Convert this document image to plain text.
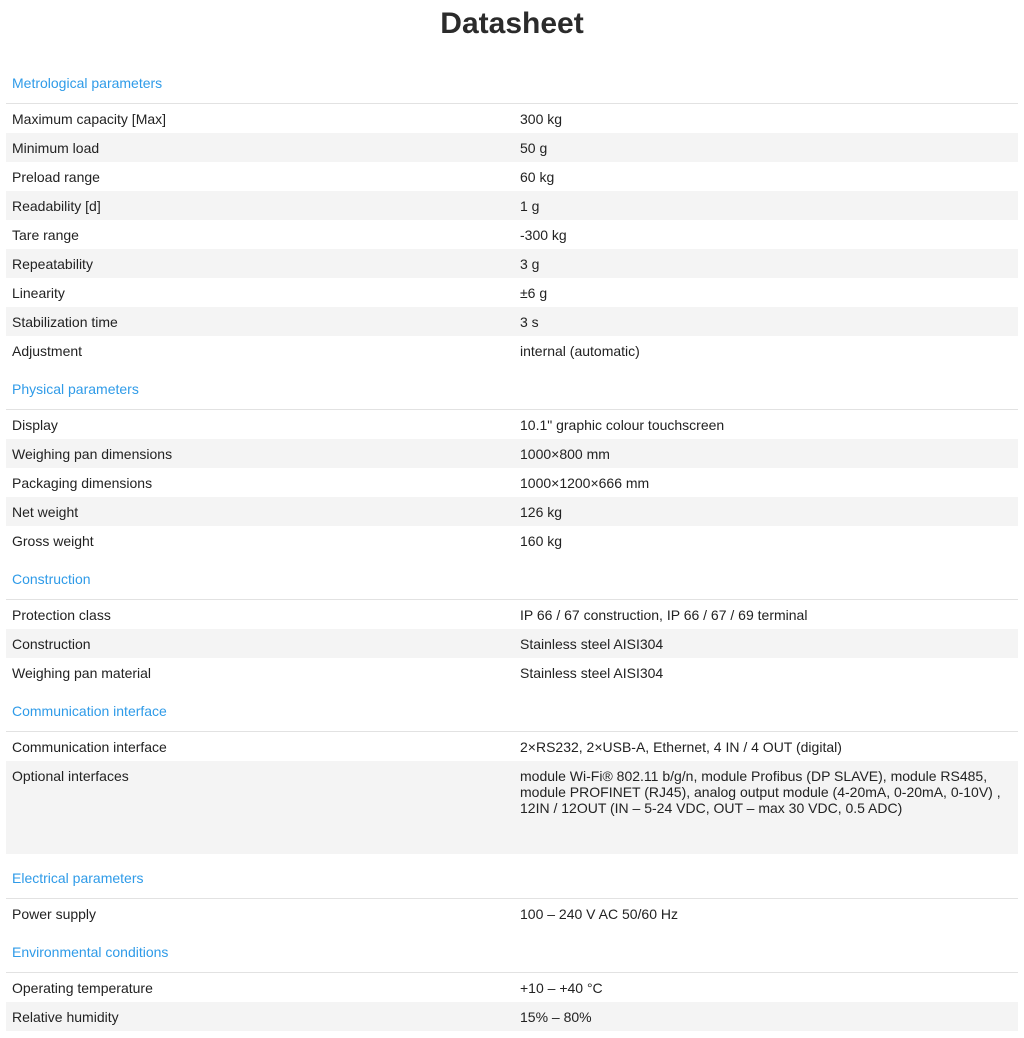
Datasheet
Metrological parameters
Maximum capacity [Max]	300 kg
Minimum load	50 g
Preload range	60 kg
Readability [d]	1 g
Tare range	-300 kg
Repeatability	3 g
Linearity	±6 g
Stabilization time	3 s
Adjustment	internal (automatic)
Physical parameters
Display	10.1" graphic colour touchscreen
Weighing pan dimensions	1000×800 mm
Packaging dimensions	1000×1200×666 mm
Net weight	126 kg
Gross weight	160 kg
Construction
Protection class	IP 66 / 67 construction, IP 66 / 67 / 69 terminal
Construction	Stainless steel AISI304
Weighing pan material	Stainless steel AISI304
Communication interface
Communication interface	2×RS232, 2×USB-A, Ethernet, 4 IN / 4 OUT (digital)
Optional interfaces	module Wi-Fi® 802.11 b/g/n, module Profibus (DP SLAVE), module RS485, module PROFINET (RJ45), analog output module (4-20mA, 0-20mA, 0-10V) , 12IN / 12OUT (IN – 5-24 VDC, OUT – max 30 VDC, 0.5 ADC)
Electrical parameters
Power supply	100 – 240 V AC 50/60 Hz
Environmental conditions
Operating temperature	+10 – +40 °C
Relative humidity	15% – 80%
